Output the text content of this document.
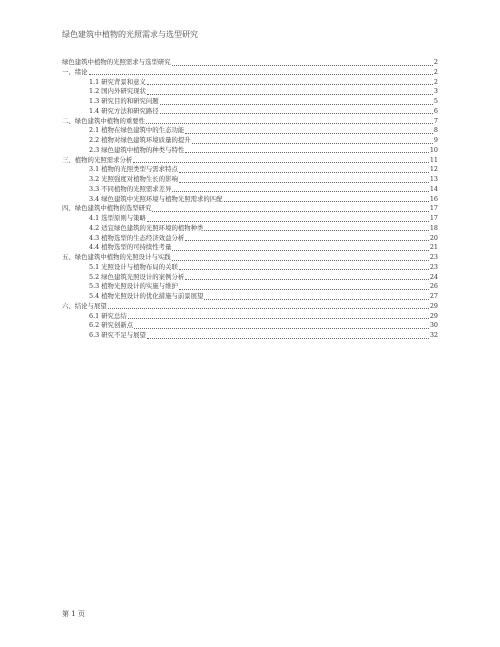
绿色建筑中植物的光照需求与选型研究
绿色建筑中植物的光照需求与选型研究	2
一、绪论	2
1.1 研究背景和意义	2
1.2 国内外研究现状	3
1.3 研究目的和研究问题	5
1.4 研究方法和研究路径	6
二、绿色建筑中植物的重要性	7
2.1 植物在绿色建筑中的生态功能	8
2.2 植物对绿色建筑环境质量的提升	9
2.3 绿色建筑中植物的种类与特性	10
三、植物的光照需求分析	11
3.1 植物的光照类型与需求特点	12
3.2 光照强度对植物生长的影响	13
3.3 不同植物的光照需求差异	14
3.4 绿色建筑中光照环境与植物光照需求的匹配	16
四、绿色建筑中植物的选型研究	17
4.1 选型原则与策略	17
4.2 适宜绿色建筑的光照环境的植物种类	18
4.3 植物选型的生态经济效益分析	20
4.4 植物选型的可持续性考量	21
五、绿色建筑中植物的光照设计与实践	23
5.1 光照设计与植物布局的关联	23
5.2 绿色建筑光照设计的案例分析	24
5.3 植物光照设计的实施与维护	26
5.4 植物光照设计的优化措施与前景展望	27
六、结论与展望	29
6.1 研究总结	29
6.2 研究创新点	30
6.3 研究不足与展望	32
第 1 页
